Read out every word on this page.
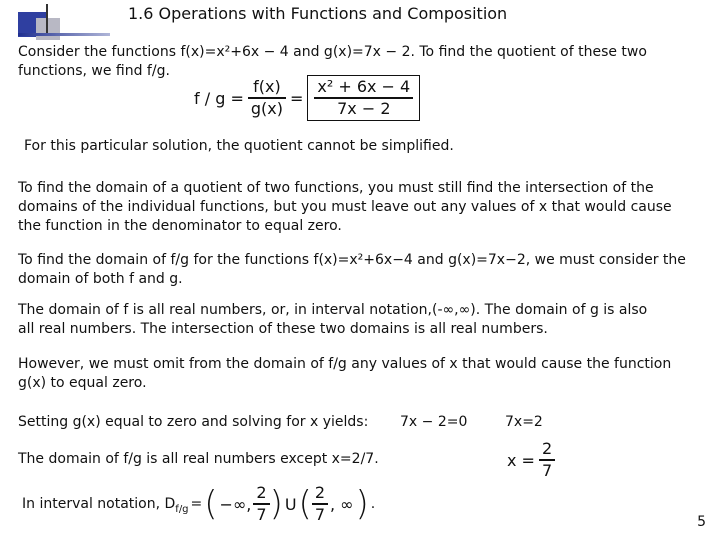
1.6 Operations with Functions and Composition
Consider the functions f(x)=x²+6x − 4 and g(x)=7x − 2. To find the quotient of these two
functions, we find f/g.
$f / g = \frac{f(x)}{g(x)} = \frac{\text{x² + 6x − 4}}{7x - 2}$
For this particular solution, the quotient cannot be simplified.
To find the domain of a quotient of two functions, you must still find the intersection of the
domains of the individual functions, but you must leave out any values of x that would cause
the function in the denominator to equal zero.
To find the domain of f/g for the functions f(x)=x²+6x−4 and g(x)=7x−2, we must consider the
domain of both f and g.
The domain of f is all real numbers, or, in interval notation,(-∞,∞). The domain of g is also
all real numbers. The intersection of these two domains is all real numbers.
However, we must omit from the domain of f/g any values of x that would cause the function
g(x) to equal zero.
Setting g(x) equal to zero and solving for x yields: 7x − 2=0	7x=2
The domain of f/g is all real numbers except x=2/7.	$x = \frac{2}{7}$
In interval notation, D f/g = ( −∞, $\frac{2}{7}$ ) U ( $\frac{2}{7}$ , ∞ ) .
5
